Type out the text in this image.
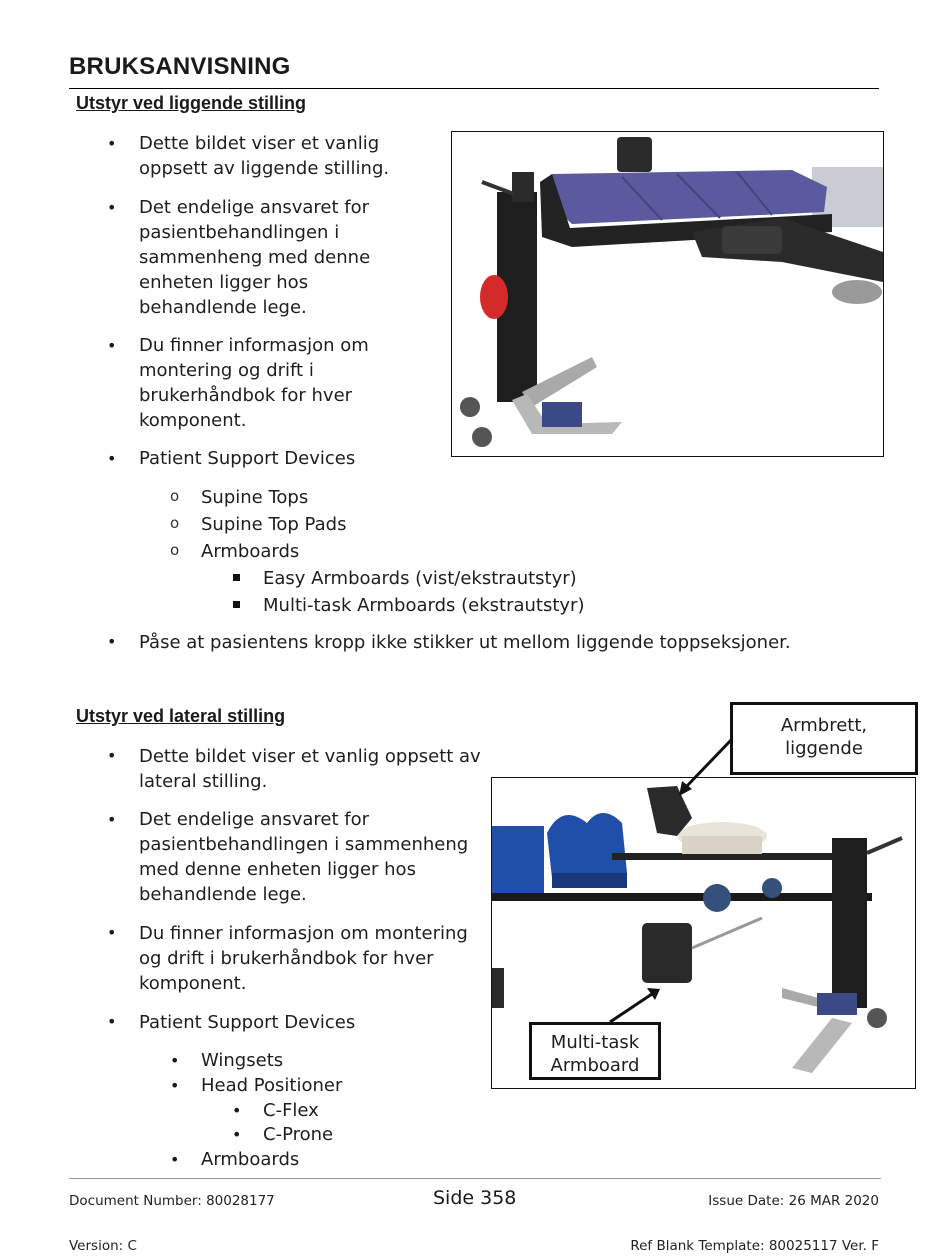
BRUKSANVISNING
Utstyr ved liggende stilling
• Dette bildet viser et vanlig
oppsett av liggende stilling.
• Det endelige ansvaret for
pasientbehandlingen i
sammenheng med denne
enheten ligger hos
behandlende lege.
• Du finner informasjon om
montering og drift i
brukerhåndbok for hver
komponent.
• Patient Support Devices
o Supine Tops
o Supine Top Pads
o Armboards
Easy Armboards (vist/ekstrautstyr)
Multi-task Armboards (ekstrautstyr)
• Påse at pasientens kropp ikke stikker ut mellom liggende toppseksjoner.
Utstyr ved lateral stilling
• Dette bildet viser et vanlig oppsett av
lateral stilling.
• Det endelige ansvaret for
pasientbehandlingen i sammenheng
med denne enheten ligger hos
behandlende lege.
• Du finner informasjon om montering
og drift i brukerhåndbok for hver
komponent.
• Patient Support Devices
• Wingsets
• Head Positioner
• C-Flex
• C-Prone
• Armboards
Armbrett,
liggende
Multi-task
Armboard
Document Number: 80028177	Side 358	Issue Date: 26 MAR 2020
Version: C	Ref Blank Template: 80025117 Ver. F
